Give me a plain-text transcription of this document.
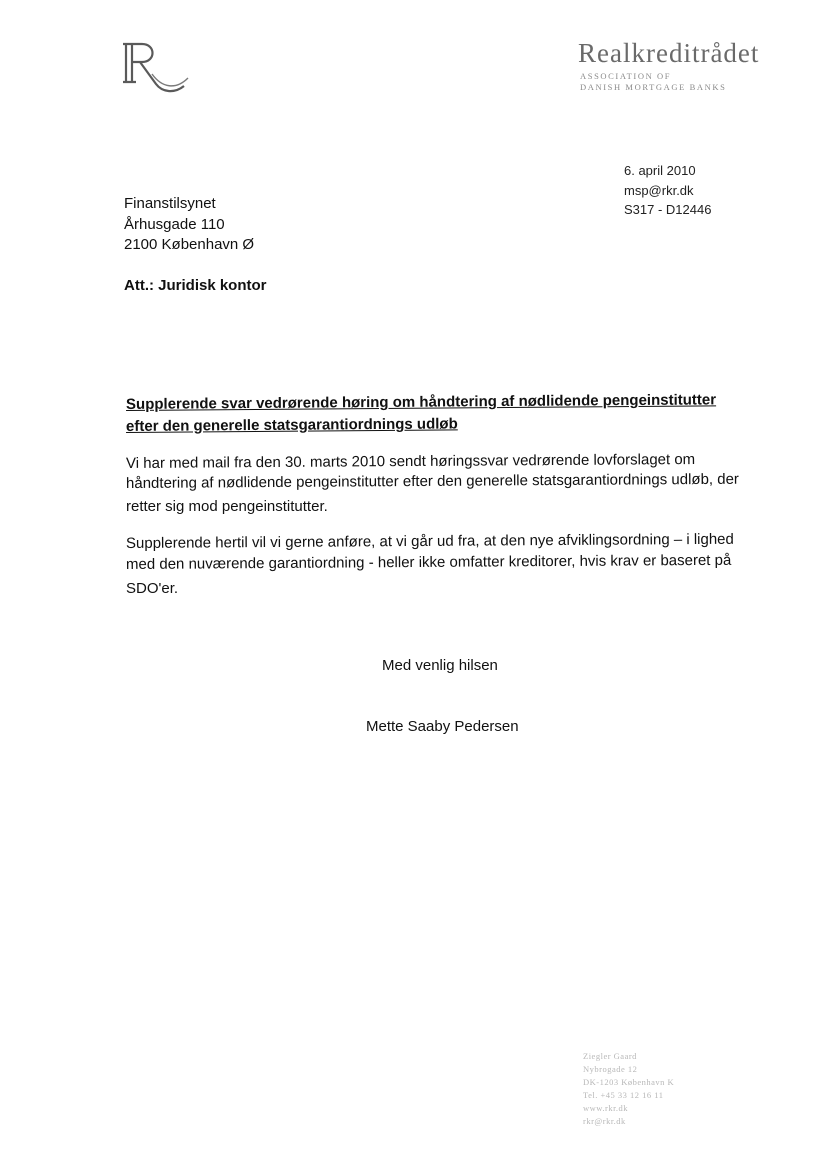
Realkreditrådet
ASSOCIATION OF
DANISH MORTGAGE BANKS
6. april 2010
msp@rkr.dk
S317 - D12446
Finanstilsynet
Århusgade 110
2100 København Ø
Att.: Juridisk kontor
Supplerende svar vedrørende høring om håndtering af nødlidende pengeinstitutter
efter den generelle statsgarantiordnings udløb
Vi har med mail fra den 30. marts 2010 sendt høringssvar vedrørende lovforslaget om
håndtering af nødlidende pengeinstitutter efter den generelle statsgarantiordnings udløb, der
retter sig mod pengeinstitutter.
Supplerende hertil vil vi gerne anføre, at vi går ud fra, at den nye afviklingsordning – i lighed
med den nuværende garantiordning - heller ikke omfatter kreditorer, hvis krav er baseret på
SDO'er.
Med venlig hilsen
Mette Saaby Pedersen
Ziegler Gaard
Nybrogade 12
DK-1203 København K
Tel. +45 33 12 16 11
www.rkr.dk
rkr@rkr.dk
